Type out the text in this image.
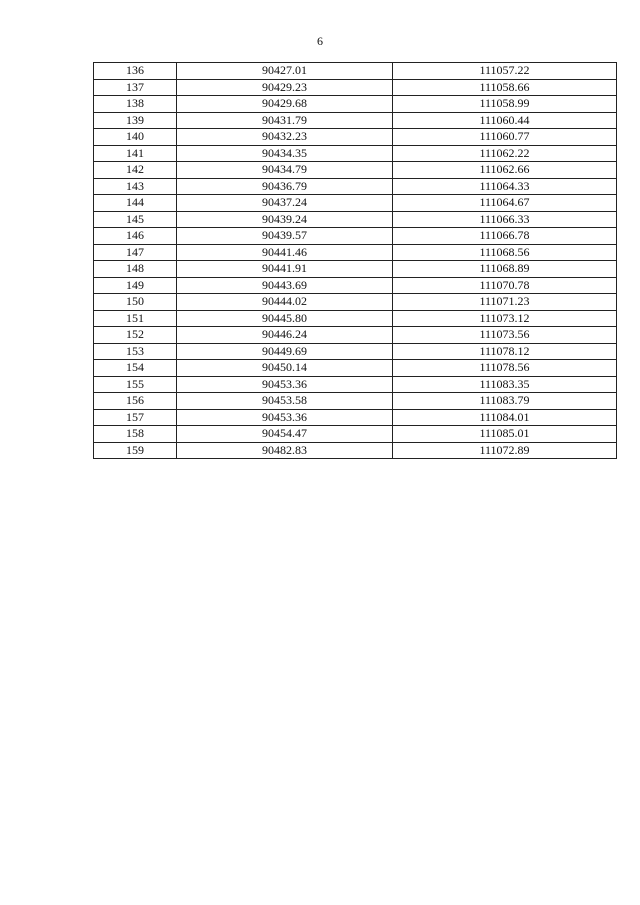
6
136	90427.01	111057.22
137	90429.23	111058.66
138	90429.68	111058.99
139	90431.79	111060.44
140	90432.23	111060.77
141	90434.35	111062.22
142	90434.79	111062.66
143	90436.79	111064.33
144	90437.24	111064.67
145	90439.24	111066.33
146	90439.57	111066.78
147	90441.46	111068.56
148	90441.91	111068.89
149	90443.69	111070.78
150	90444.02	111071.23
151	90445.80	111073.12
152	90446.24	111073.56
153	90449.69	111078.12
154	90450.14	111078.56
155	90453.36	111083.35
156	90453.58	111083.79
157	90453.36	111084.01
158	90454.47	111085.01
159	90482.83	111072.89
